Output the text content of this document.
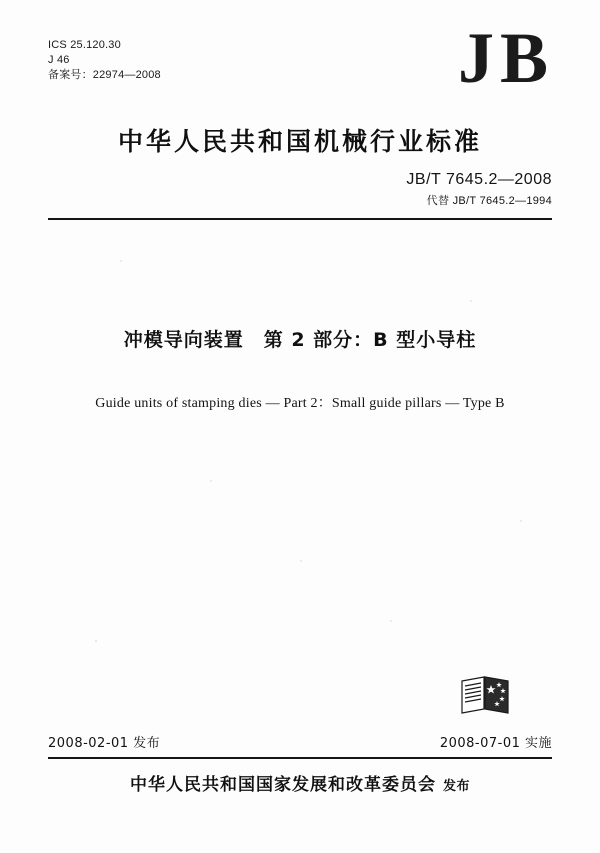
ICS 25.120.30
J 46
备案号：22974—2008	JB
中华人民共和国机械行业标准
JB/T 7645.2—2008
代替 JB/T 7645.2—1994
冲模导向装置　第 2 部分：B 型小导柱
Guide units of stamping dies — Part 2：Small guide pillars — Type B
2008-02-01 发布	2008-07-01 实施
中华人民共和国国家发展和改革委员会 发布
